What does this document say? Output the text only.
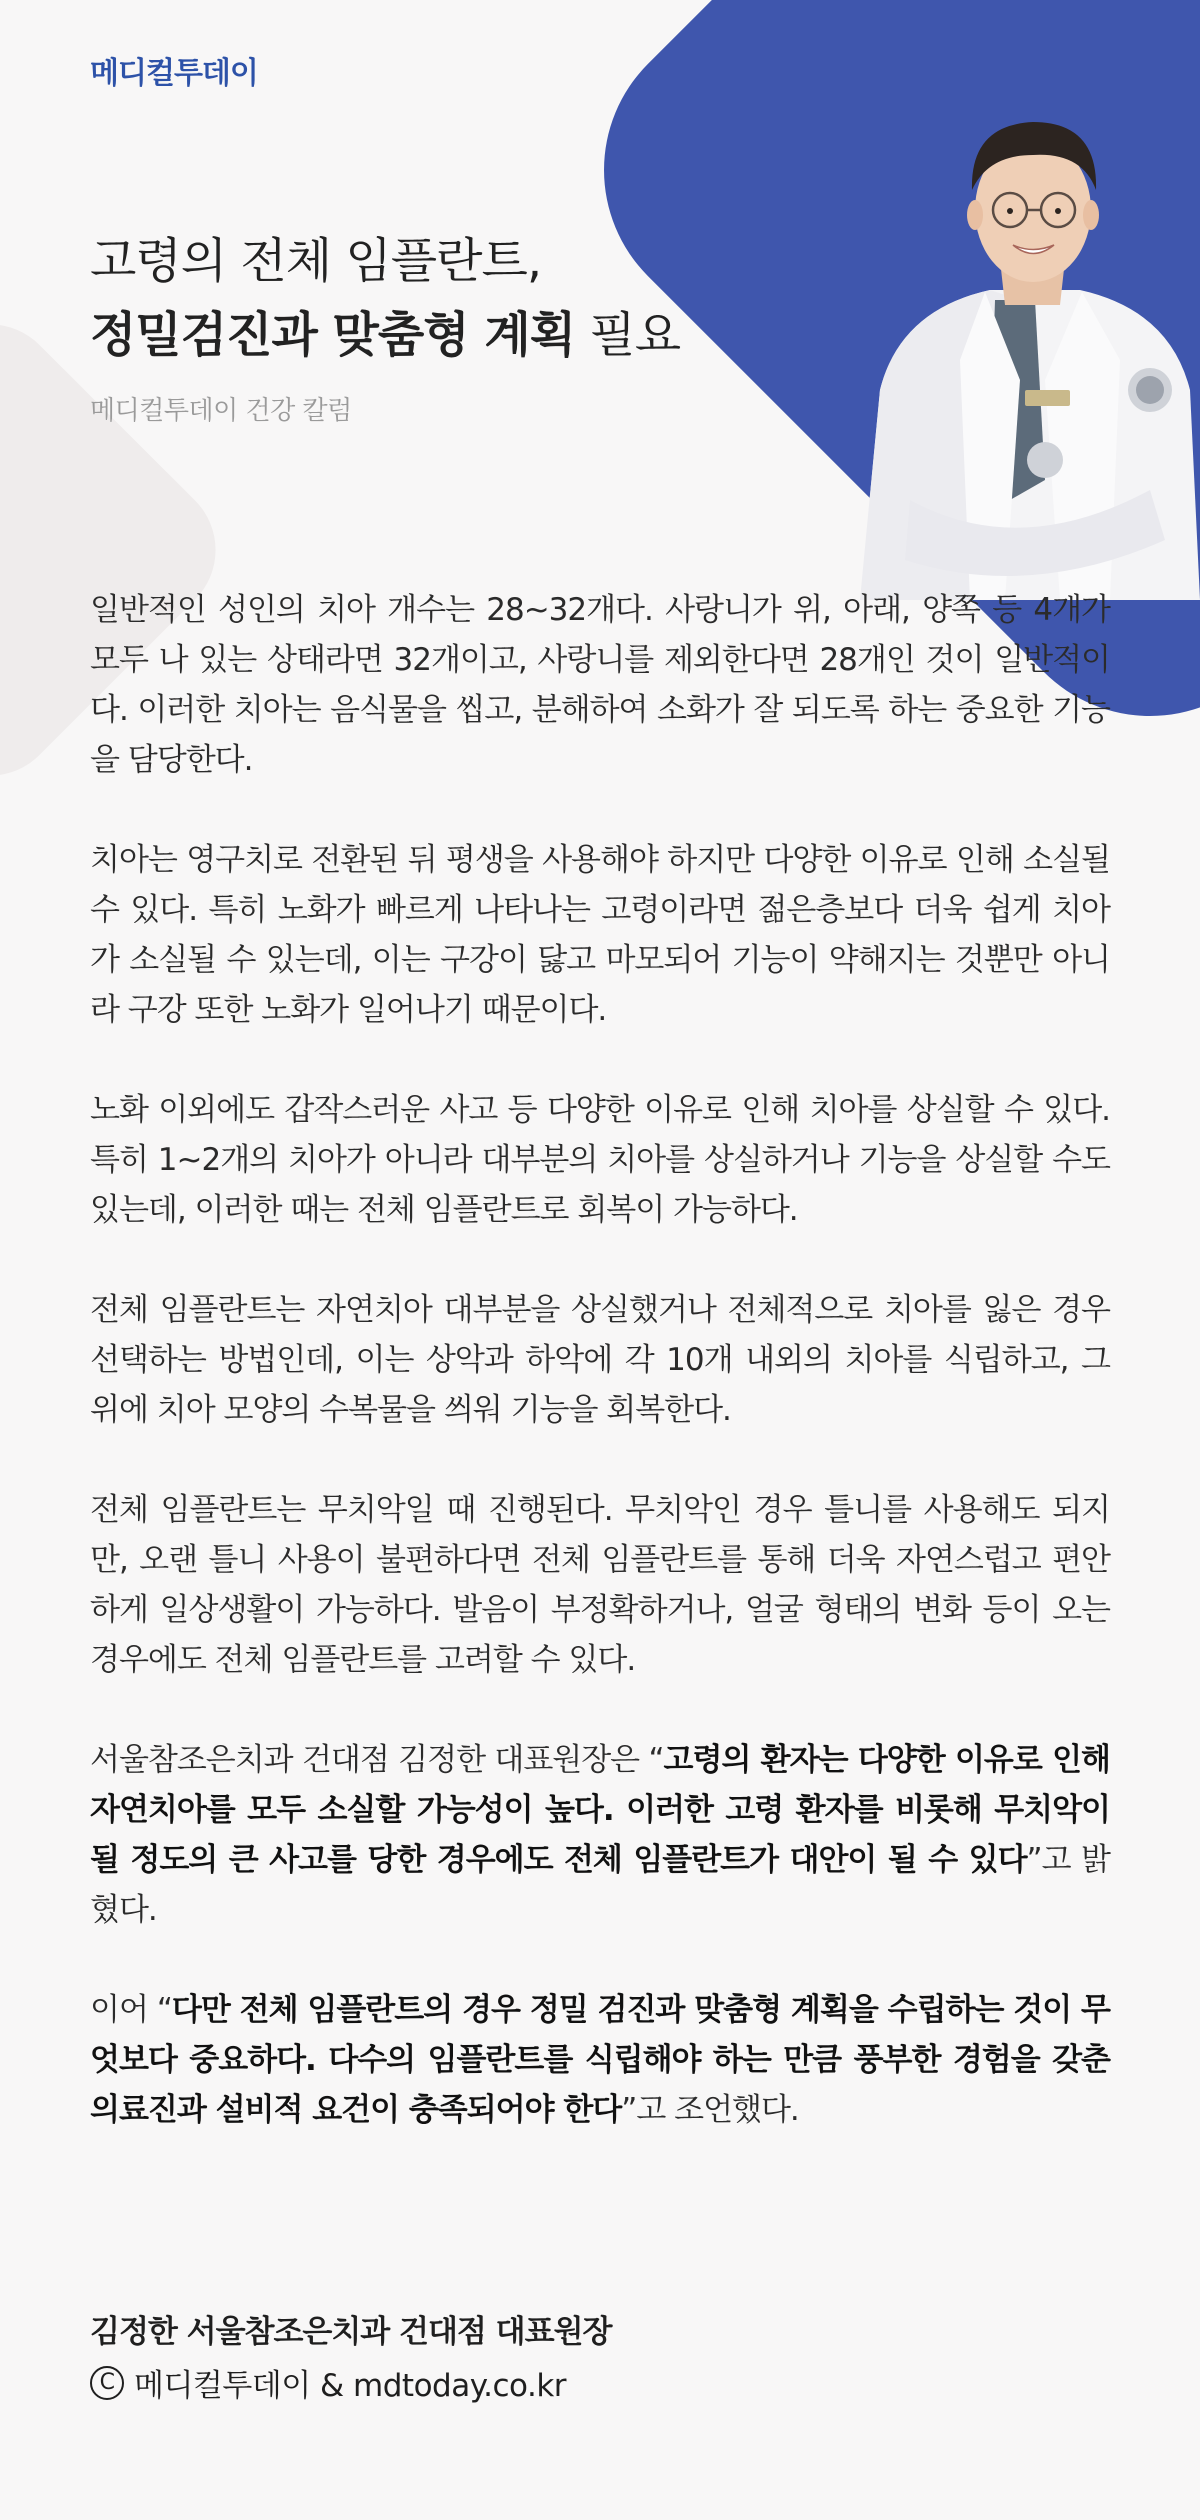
메디컬투데이
고령의 전체 임플란트,
정밀검진과 맞춤형 계획 필요
메디컬투데이 건강 칼럼

일반적인 성인의 치아 개수는 28~32개다. 사랑니가 위, 아래, 양쪽 등 4개가 모두 나 있는 상태라면 32개이고, 사랑니를 제외한다면 28개인 것이 일반적이다. 이러한 치아는 음식물을 씹고, 분해하여 소화가 잘 되도록 하는 중요한 기능을 담당한다.

치아는 영구치로 전환된 뒤 평생을 사용해야 하지만 다양한 이유로 인해 소실될 수 있다. 특히 노화가 빠르게 나타나는 고령이라면 젊은층보다 더욱 쉽게 치아가 소실될 수 있는데, 이는 구강이 닳고 마모되어 기능이 약해지는 것뿐만 아니라 구강 또한 노화가 일어나기 때문이다.

노화 이외에도 갑작스러운 사고 등 다양한 이유로 인해 치아를 상실할 수 있다. 특히 1~2개의 치아가 아니라 대부분의 치아를 상실하거나 기능을 상실할 수도 있는데, 이러한 때는 전체 임플란트로 회복이 가능하다.

전체 임플란트는 자연치아 대부분을 상실했거나 전체적으로 치아를 잃은 경우 선택하는 방법인데, 이는 상악과 하악에 각 10개 내외의 치아를 식립하고, 그 위에 치아 모양의 수복물을 씌워 기능을 회복한다.

전체 임플란트는 무치악일 때 진행된다. 무치악인 경우 틀니를 사용해도 되지만, 오랜 틀니 사용이 불편하다면 전체 임플란트를 통해 더욱 자연스럽고 편안하게 일상생활이 가능하다. 발음이 부정확하거나, 얼굴 형태의 변화 등이 오는 경우에도 전체 임플란트를 고려할 수 있다.

서울참조은치과 건대점 김정한 대표원장은 “고령의 환자는 다양한 이유로 인해 자연치아를 모두 소실할 가능성이 높다. 이러한 고령 환자를 비롯해 무치악이 될 정도의 큰 사고를 당한 경우에도 전체 임플란트가 대안이 될 수 있다”고 밝혔다.

이어 “다만 전체 임플란트의 경우 정밀 검진과 맞춤형 계획을 수립하는 것이 무엇보다 중요하다. 다수의 임플란트를 식립해야 하는 만큼 풍부한 경험을 갖춘 의료진과 설비적 요건이 충족되어야 한다”고 조언했다.

김정한 서울참조은치과 건대점 대표원장
C 메디컬투데이 & mdtoday.co.kr
